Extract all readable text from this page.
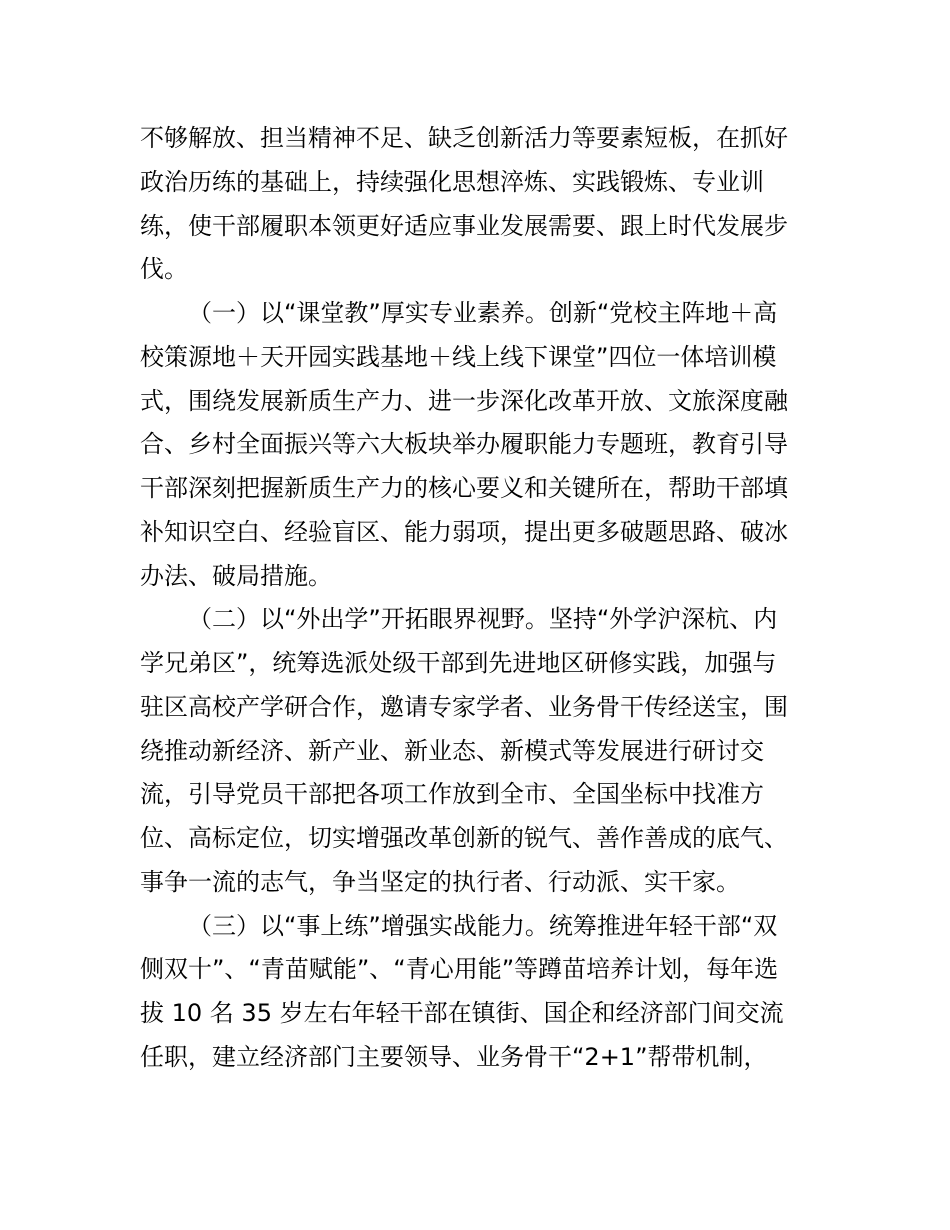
不够解放、担当精神不足、缺乏创新活力等要素短板，在抓好
政治历练的基础上，持续强化思想淬炼、实践锻炼、专业训
练，使干部履职本领更好适应事业发展需要、跟上时代发展步
伐。
（一）以“课堂教”厚实专业素养。创新“党校主阵地＋高
校策源地＋天开园实践基地＋线上线下课堂”四位一体培训模
式，围绕发展新质生产力、进一步深化改革开放、文旅深度融
合、乡村全面振兴等六大板块举办履职能力专题班，教育引导
干部深刻把握新质生产力的核心要义和关键所在，帮助干部填
补知识空白、经验盲区、能力弱项，提出更多破题思路、破冰
办法、破局措施。
（二）以“外出学”开拓眼界视野。坚持“外学沪深杭、内
学兄弟区”，统筹选派处级干部到先进地区研修实践，加强与
驻区高校产学研合作，邀请专家学者、业务骨干传经送宝，围
绕推动新经济、新产业、新业态、新模式等发展进行研讨交
流，引导党员干部把各项工作放到全市、全国坐标中找准方
位、高标定位，切实增强改革创新的锐气、善作善成的底气、
事争一流的志气，争当坚定的执行者、行动派、实干家。
（三）以“事上练”增强实战能力。统筹推进年轻干部“双
侧双十”、“青苗赋能”、“青心用能”等蹲苗培养计划，每年选
拔 10 名 35 岁左右年轻干部在镇街、国企和经济部门间交流
任职，建立经济部门主要领导、业务骨干“2+1”帮带机制，
